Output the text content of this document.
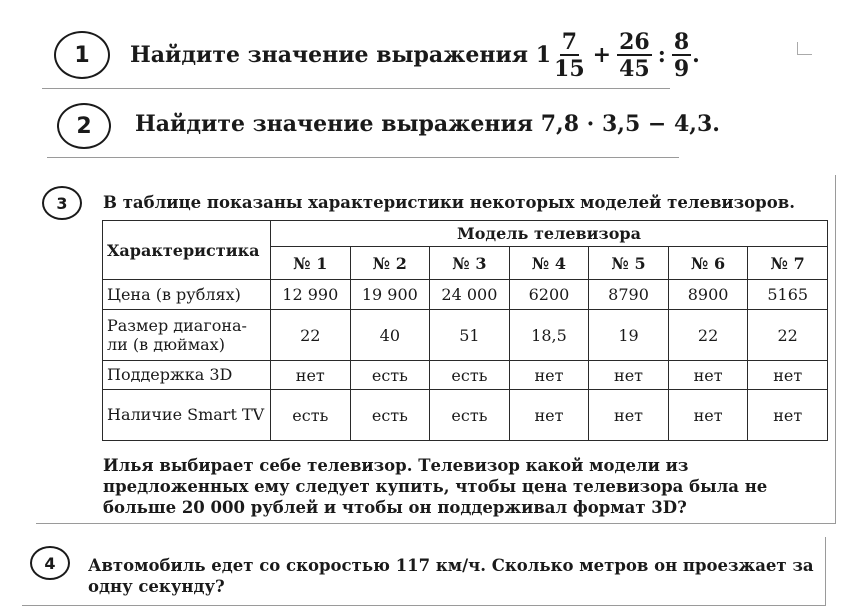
1	Найдите значение выражения $1 \frac{7}{15} + \frac{26}{45}$ : $\frac{8}{9}$ .
2	Найдите значение выражения 7,8 · 3,5 − 4,3.
3	В таблице показаны характеристики некоторых моделей телевизоров.
Характеристика	Модель телевизора						
	№ 1	№ 2	№ 3	№ 4	№ 5	№ 6	№ 7
Цена (в рублях)	12 990	19 900	24 000	6200	8790	8900	5165
Размер диагона-ли (в дюймах)	22	40	51	18,5	19	22	22
Поддержка 3D	нет	есть	есть	нет	нет	нет	нет
Наличие Smart TV	есть	есть	есть	нет	нет	нет	нет
Илья выбирает себе телевизор. Телевизор какой модели из предложенных ему следует купить, чтобы цена телевизора была не больше 20 000 рублей и чтобы он поддерживал формат 3D?
4	Автомобиль едет со скоростью 117 км/ч. Сколько метров он проезжает за одну секунду?
